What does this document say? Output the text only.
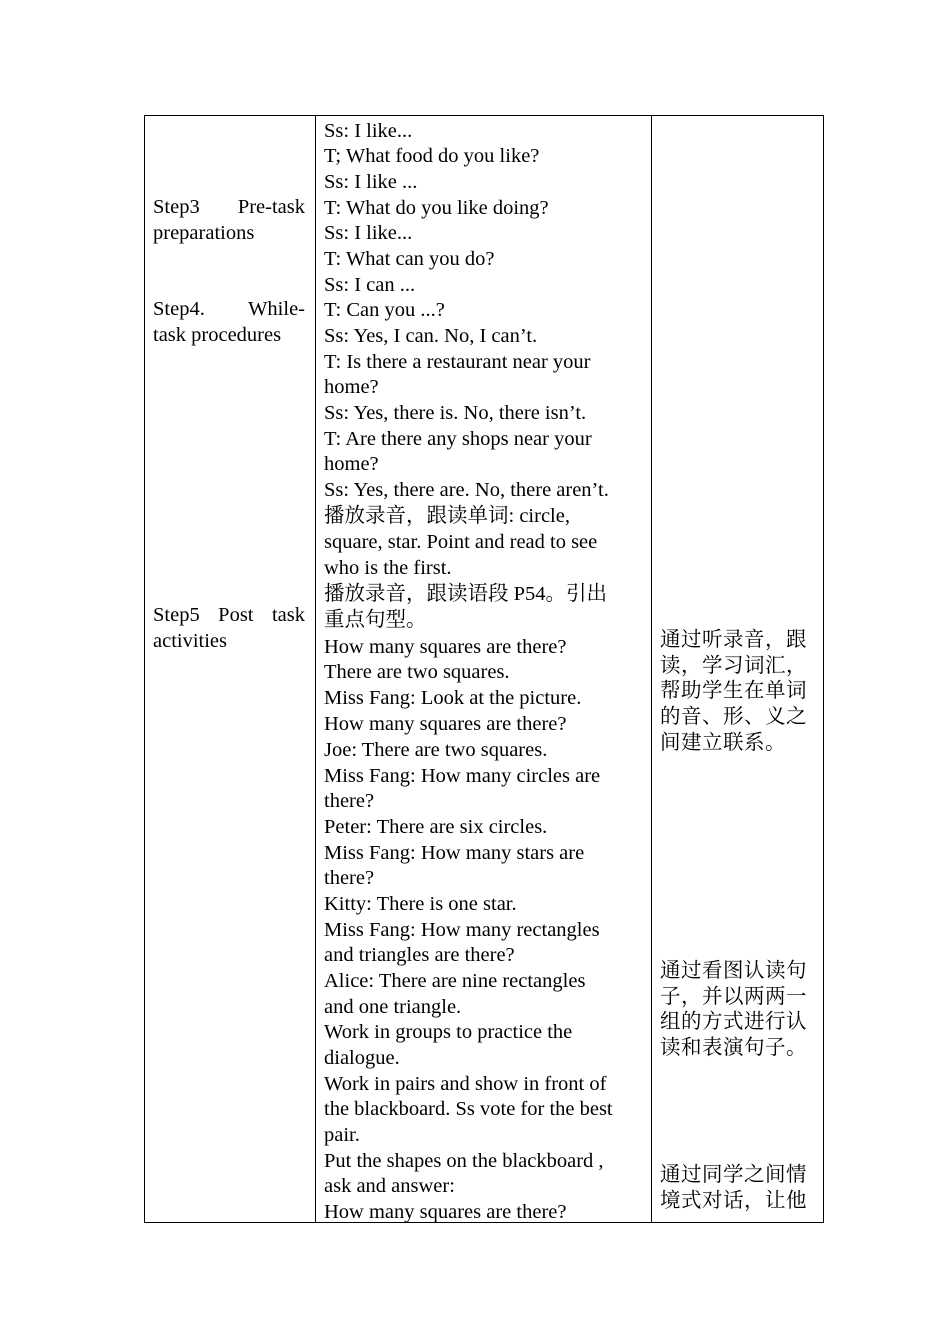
Step3 Pre-task
preparations
Step4. While-
task procedures
Step5 Post task
activities
Ss: I like...
T; What food do you like?
Ss: I like ...
T: What do you like doing?
Ss: I like...
T: What can you do?
Ss: I can ...
T: Can you ...?
Ss: Yes, I can. No, I can’t.
T: Is there a restaurant near your
home?
Ss: Yes, there is. No, there isn’t.
T: Are there any shops near your
home?
Ss: Yes, there are. No, there aren’t.
播放录音，跟读单词: circle,
square, star. Point and read to see
who is the first.
播放录音，跟读语段 P54。引出
重点句型。
How many squares are there?
There are two squares.
Miss Fang: Look at the picture.
How many squares are there?
Joe: There are two squares.
Miss Fang: How many circles are
there?
Peter: There are six circles.
Miss Fang: How many stars are
there?
Kitty: There is one star.
Miss Fang: How many rectangles
and triangles are there?
Alice: There are nine rectangles
and one triangle.
Work in groups to practice the
dialogue.
Work in pairs and show in front of
the blackboard. Ss vote for the best
pair.
Put the shapes on the blackboard ,
ask and answer:
How many squares are there?
通过听录音，跟
读，学习词汇，
帮助学生在单词
的音、形、义之
间建立联系。
通过看图认读句
子，并以两两一
组的方式进行认
读和表演句子。
通过同学之间情
境式对话，让他
